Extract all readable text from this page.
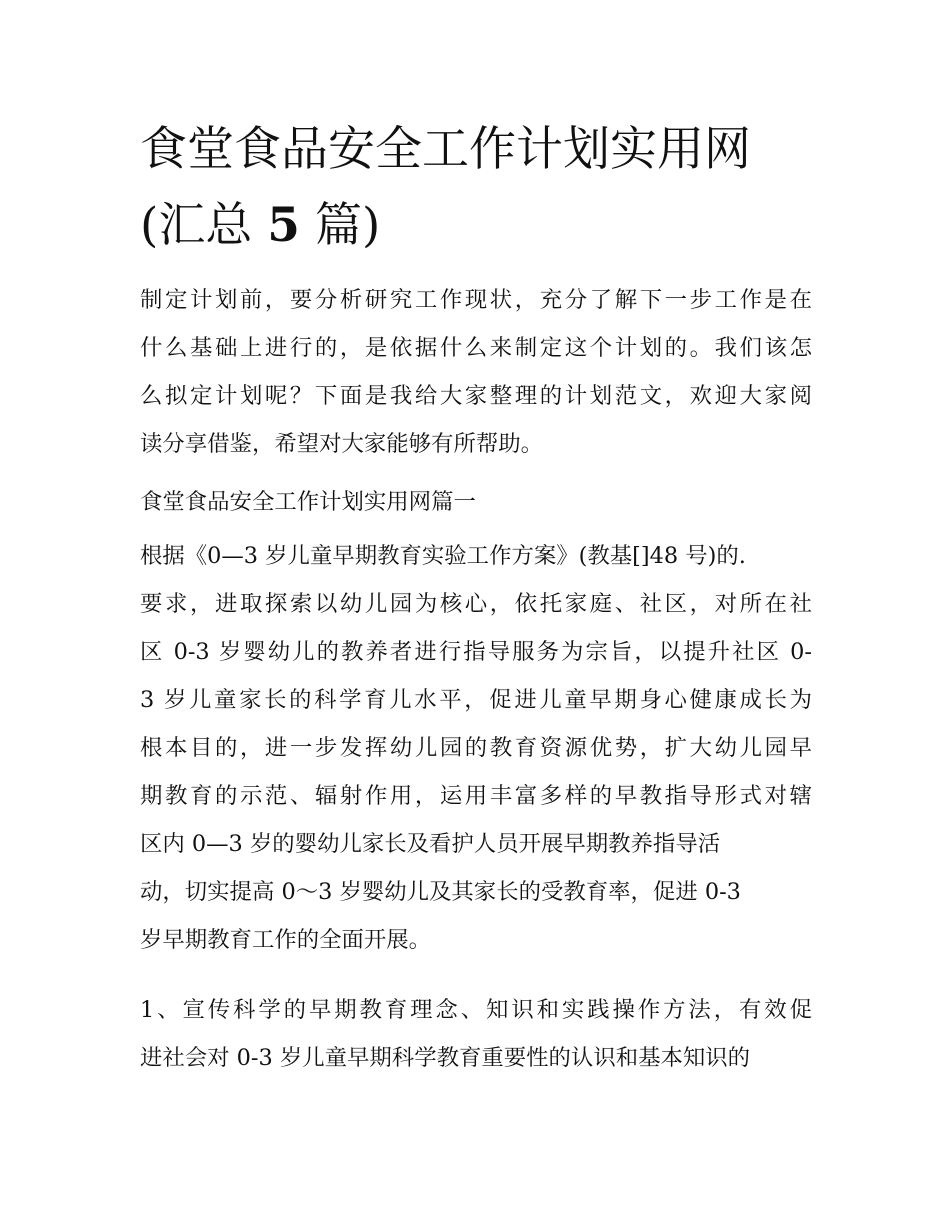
食堂食品安全工作计划实用网
(汇总 5 篇)
制定计划前，要分析研究工作现状，充分了解下一步工作是在
什么基础上进行的，是依据什么来制定这个计划的。我们该怎
么拟定计划呢？下面是我给大家整理的计划范文，欢迎大家阅
读分享借鉴，希望对大家能够有所帮助。
食堂食品安全工作计划实用网篇一
根据《0—3 岁儿童早期教育实验工作方案》(教基[]48 号)的.
要求，进取探索以幼儿园为核心，依托家庭、社区，对所在社
区 0-3 岁婴幼儿的教养者进行指导服务为宗旨，以提升社区 0-
3 岁儿童家长的科学育儿水平，促进儿童早期身心健康成长为
根本目的，进一步发挥幼儿园的教育资源优势，扩大幼儿园早
期教育的示范、辐射作用，运用丰富多样的早教指导形式对辖
区内 0—3 岁的婴幼儿家长及看护人员开展早期教养指导活
动，切实提高 0～3 岁婴幼儿及其家长的受教育率，促进 0-3
岁早期教育工作的全面开展。
1、宣传科学的早期教育理念、知识和实践操作方法，有效促
进社会对 0-3 岁儿童早期科学教育重要性的认识和基本知识的
